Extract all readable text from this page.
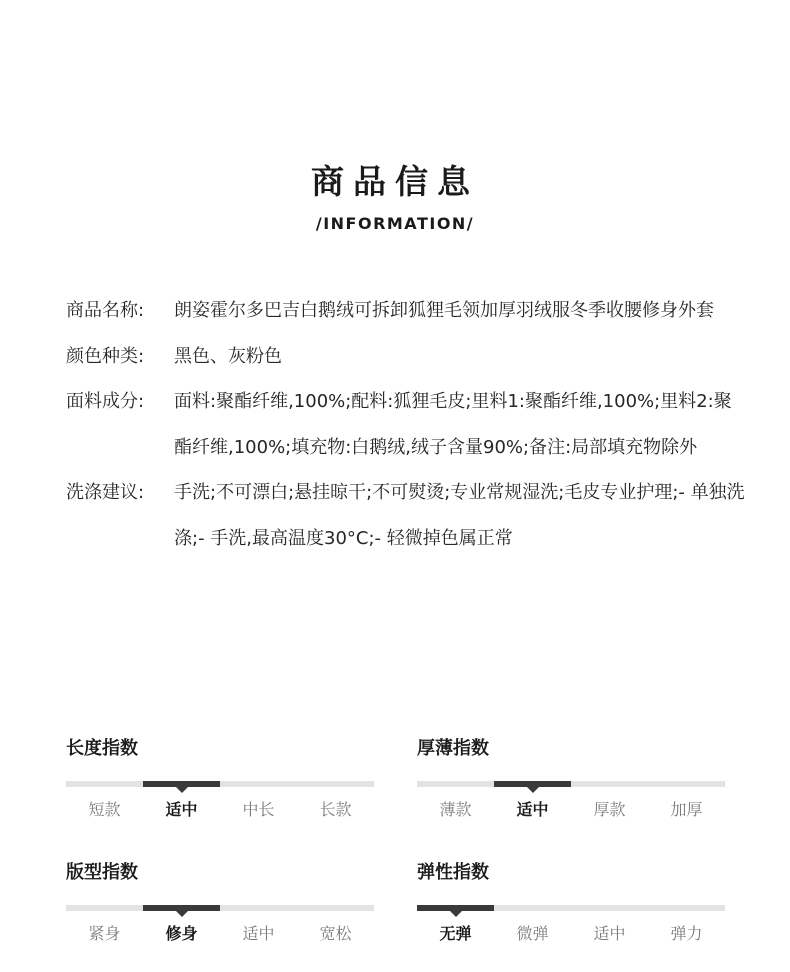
商品信息
/INFORMATION/
商品名称:	朗姿霍尔多巴吉白鹅绒可拆卸狐狸毛领加厚羽绒服冬季收腰修身外套
颜色种类:	黑色、灰粉色
面料成分:	面料:聚酯纤维,100%;配料:狐狸毛皮;里料1:聚酯纤维,100%;里料2:聚酯纤维,100%;填充物:白鹅绒,绒子含量90%;备注:局部填充物除外
洗涤建议:	手洗;不可漂白;悬挂晾干;不可熨烫;专业常规湿洗;毛皮专业护理;- 单独洗涤;- 手洗,最高温度30°C;- 轻微掉色属正常
长度指数
短款	适中	中长	长款
厚薄指数
薄款	适中	厚款	加厚
版型指数
紧身	修身	适中	宽松
弹性指数
无弹	微弹	适中	弹力
